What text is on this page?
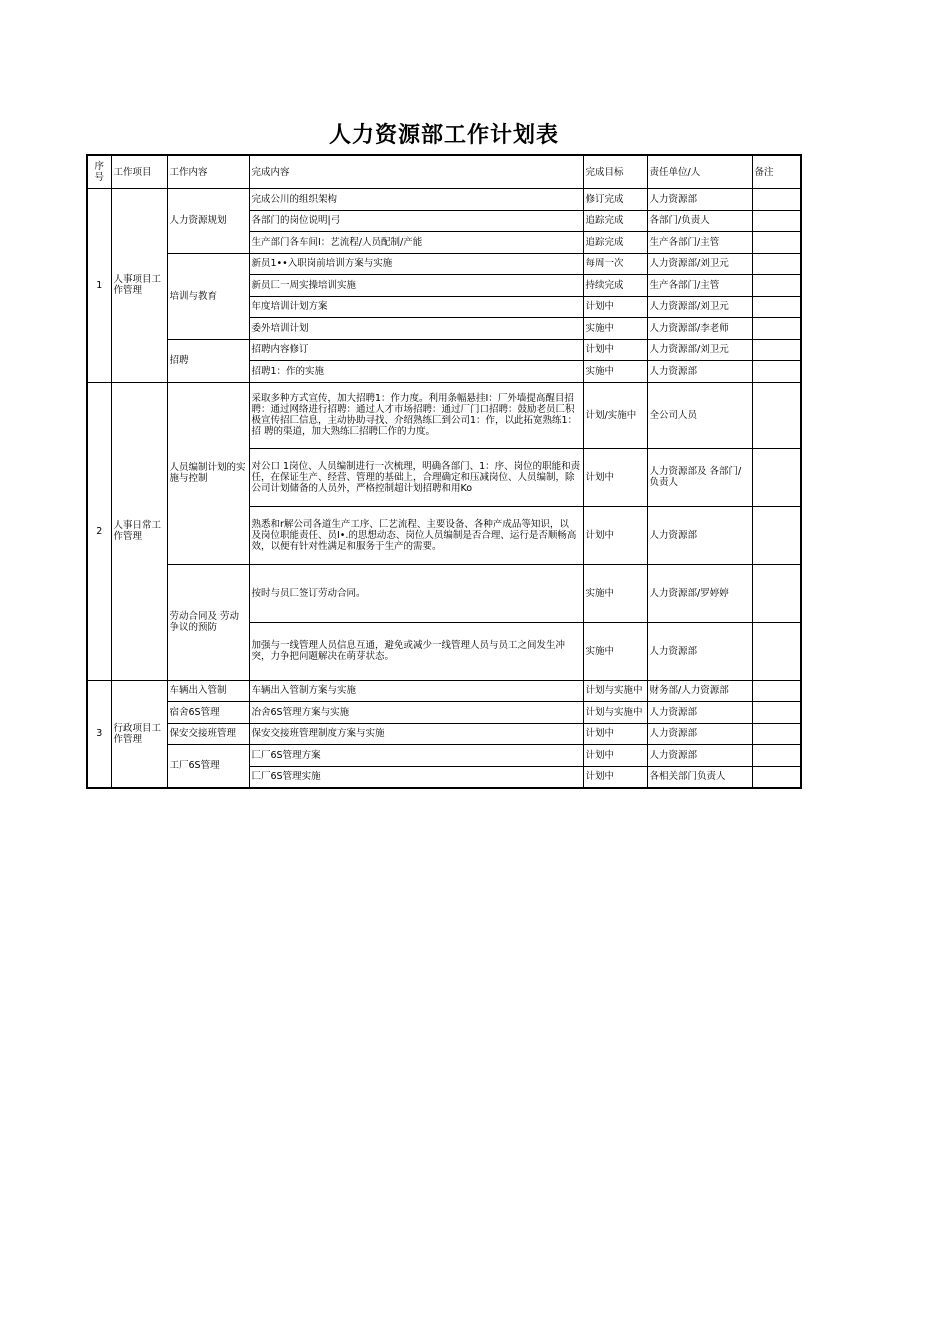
人力资源部工作计划表
序号	工作项目	工作内容	完成内容	完成目标	责任单位/人	备注
1	人事项目工作管理	人力资源规划	完成公川的组织架构	修订完成	人力资源部	
			各部门的岗位说明|弓	追踪完成	各部门/负责人	
			生产部门各车间I：艺流程/人员配制/产能	追踪完成	生产各部门/主管	
		培训与教育	新员1••入职岗前培训方案与实施	每周一次	人力资源部/刘卫元	
			新员匚一周实操培训实施	持续完成	生产各部门/主管	
			年度培训计划方案	计划中	人力资源部/刘卫元	
			委外培训计划	实施中	人力资源部/李老师	
		招聘	招聘内容修订	计划中	人力资源部/刘卫元	
			招聘1：作的实施	实施中	人力资源部	
2	人事日常工作管理	人员编制计划的实施与控制	采取多种方式宣传，加大招聘1：作力度。利用条幅悬挂I：厂外墙提高醒目招 聘：通过网络进行招聘：通过人才市场招聘：通过厂门口招聘：鼓励老员匚积 极宣传招匚信息，主动协助寻找、介绍熟练匚到公司1：作，以此拓宽熟练1：招 聘的渠道，加大熟练匚招聘匚作的力度。	计划/实施中	全公司人员	
			对公口 1岗位、人员编制进行一次梳理，明确各部门、1：序、岗位的职能和责 任，在保证生产、经营、管理的基础上，合理确定和压减岗位、人员编制，除 公司计划储备的人员外，严格控制超计划招聘和用Ko	计划中	人力资源部及 各部门/负责人	
			熟悉和r解公司各道生产工序、匚艺流程、主要设备、各种产成品等知识，以 及岗位职能责任、员I•.的思想动态、岗位人员编制是否合理、运行是否顺畅高 效，以便有针对性满足和服务于生产的需要。	计划中	人力资源部	
		劳动合同及 劳动争议的预防	按时与员匚签订劳动合同。	实施中	人力资源部/罗婷婷	
			加强与一线管理人员信息互通，避免或减少一线管理人员与员工之间发生冲 突，力争把问题解决在萌芽状态。	实施中	人力资源部	
3	行政项目工作管理	车辆出入管制	车辆出入管制方案与实施	计划与实施中	财务部/人力资源部	
		宿舍6S管理	冶舍6S管理方案与实施	计划与实施中	人力资源部	
		保安交接班管理	保安交接班管理制度方案与实施	计划中	人力资源部	
		工厂6S管理	匚厂6S管理方案	计划中	人力资源部	
			匚厂6S管理实施	计划中	各相关部门负责人	
